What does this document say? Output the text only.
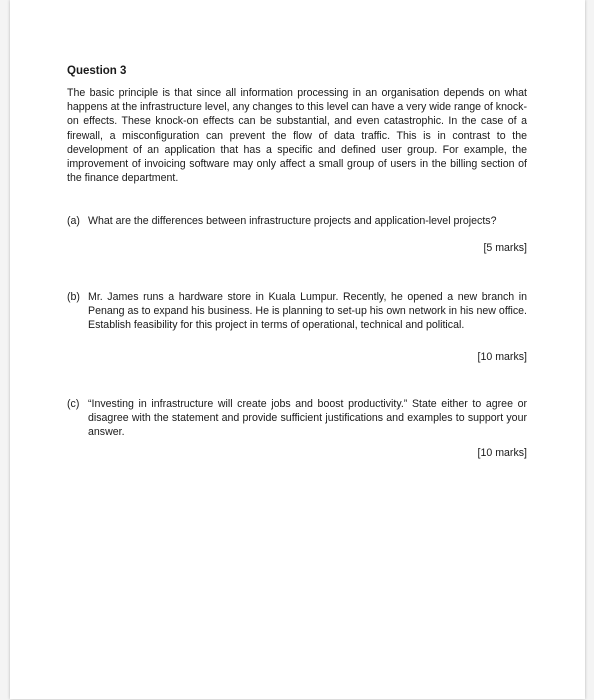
Question 3

The basic principle is that since all information processing in an organisation depends on what happens at the infrastructure level, any changes to this level can have a very wide range of knock-on effects. These knock-on effects can be substantial, and even catastrophic. In the case of a firewall, a misconfiguration can prevent the flow of data traffic. This is in contrast to the development of an application that has a specific and defined user group. For example, the improvement of invoicing software may only affect a small group of users in the billing section of the finance department.

(a) What are the differences between infrastructure projects and application-level projects?
[5 marks]
(b) Mr. James runs a hardware store in Kuala Lumpur. Recently, he opened a new branch in Penang as to expand his business. He is planning to set-up his own network in his new office. Establish feasibility for this project in terms of operational, technical and political.
[10 marks]
(c) “Investing in infrastructure will create jobs and boost productivity.” State either to agree or disagree with the statement and provide sufficient justifications and examples to support your answer.
[10 marks]
